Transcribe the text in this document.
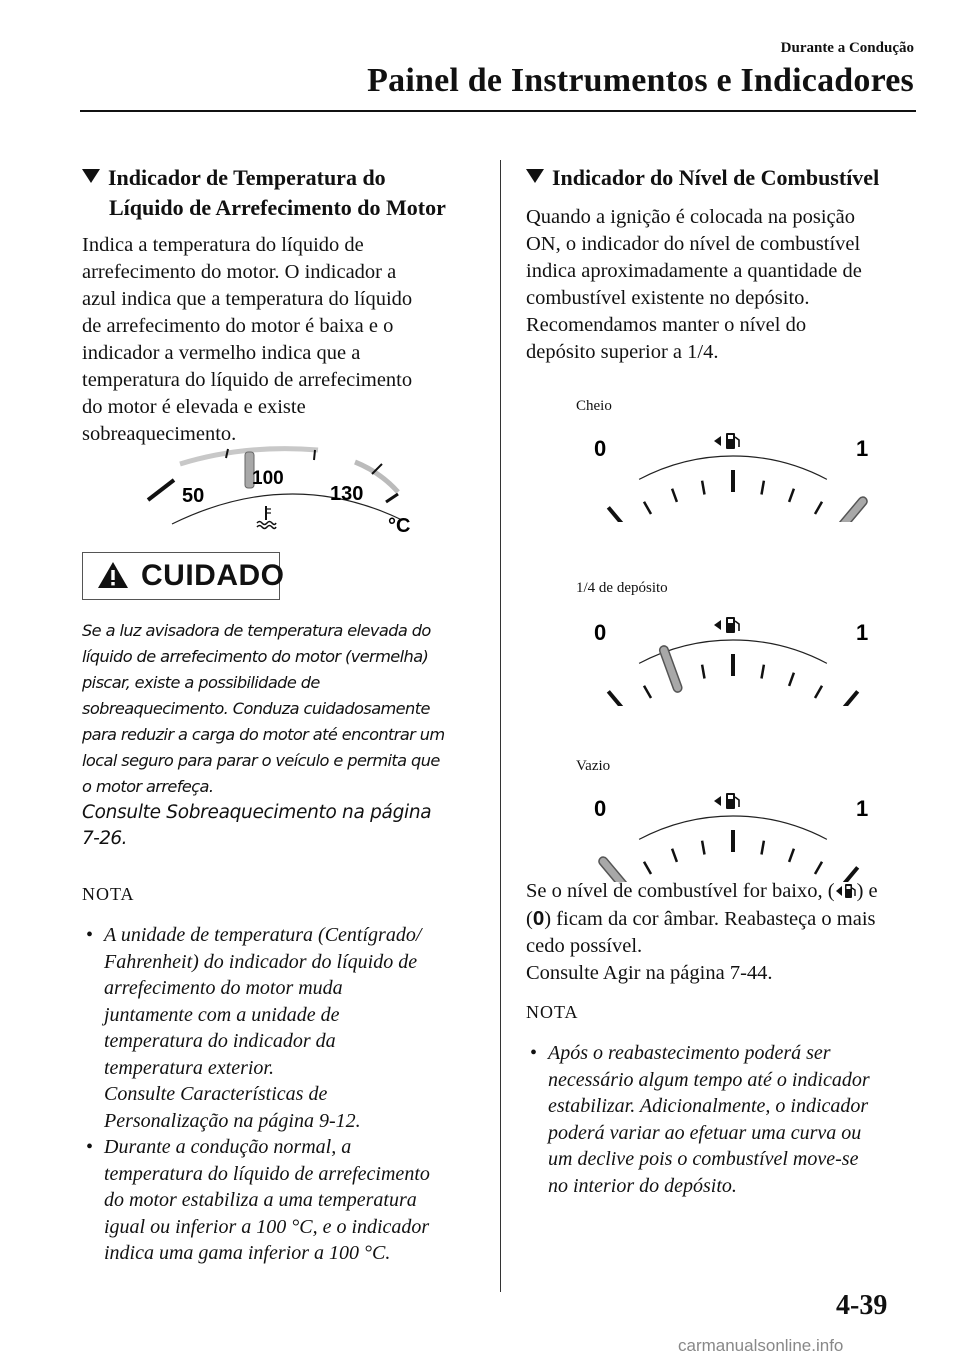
Durante a Condução
Painel de Instrumentos e Indicadores
Indicador de Temperatura do
Líquido de Arrefecimento do Motor
Indica a temperatura do líquido de
arrefecimento do motor. O indicador a
azul indica que a temperatura do líquido
de arrefecimento do motor é baixa e o
indicador a vermelho indica que a
temperatura do líquido de arrefecimento
do motor é elevada e existe
sobreaquecimento.
50
100
130
°C
CUIDADO
Se a luz avisadora de temperatura elevada do
líquido de arrefecimento do motor (vermelha)
piscar, existe a possibilidade de
sobreaquecimento. Conduza cuidadosamente
para reduzir a carga do motor até encontrar um
local seguro para parar o veículo e permita que
o motor arrefeça.
Consulte Sobreaquecimento na página
7-26.
NOTA
• A unidade de temperatura (Centígrado/
Fahrenheit) do indicador do líquido de
arrefecimento do motor muda
juntamente com a unidade de
temperatura do indicador da
temperatura exterior.
Consulte Características de
Personalização na página 9-12.
• Durante a condução normal, a
temperatura do líquido de arrefecimento
do motor estabiliza a uma temperatura
igual ou inferior a 100 °C, e o indicador
indica uma gama inferior a 100 °C.
Indicador do Nível de Combustível
Quando a ignição é colocada na posição
ON, o indicador do nível de combustível
indica aproximadamente a quantidade de
combustível existente no depósito.
Recomendamos manter o nível do
depósito superior a 1/4.
Cheio
0	1
1/4 de depósito
0	1
Vazio
0	1
Se o nível de combustível for baixo, ( ) e
(0) ficam da cor âmbar. Reabasteça o mais
cedo possível.
Consulte Agir na página 7-44.
NOTA
• Após o reabastecimento poderá ser
necessário algum tempo até o indicador
estabilizar. Adicionalmente, o indicador
poderá variar ao efetuar uma curva ou
um declive pois o combustível move-se
no interior do depósito.
4-39
carmanualsonline.info
